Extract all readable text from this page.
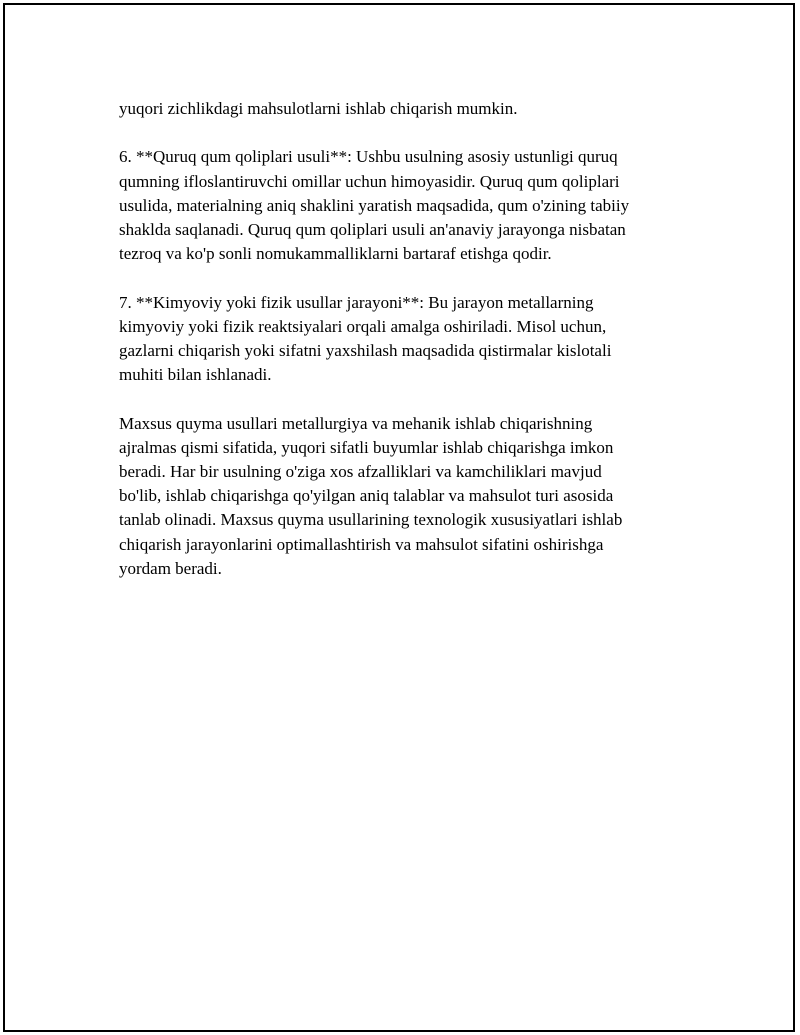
yuqori zichlikdagi mahsulotlarni ishlab chiqarish mumkin.

6. **Quruq qum qoliplari usuli**: Ushbu usulning asosiy ustunligi quruq
qumning ifloslantiruvchi omillar uchun himoyasidir. Quruq qum qoliplari
usulida, materialning aniq shaklini yaratish maqsadida, qum o'zining tabiiy
shaklda saqlanadi. Quruq qum qoliplari usuli an'anaviy jarayonga nisbatan
tezroq va ko'p sonli nomukammalliklarni bartaraf etishga qodir.

7. **Kimyoviy yoki fizik usullar jarayoni**: Bu jarayon metallarning
kimyoviy yoki fizik reaktsiyalari orqali amalga oshiriladi. Misol uchun,
gazlarni chiqarish yoki sifatni yaxshilash maqsadida qistirmalar kislotali
muhiti bilan ishlanadi.

Maxsus quyma usullari metallurgiya va mehanik ishlab chiqarishning
ajralmas qismi sifatida, yuqori sifatli buyumlar ishlab chiqarishga imkon
beradi. Har bir usulning o'ziga xos afzalliklari va kamchiliklari mavjud
bo'lib, ishlab chiqarishga qo'yilgan aniq talablar va mahsulot turi asosida
tanlab olinadi. Maxsus quyma usullarining texnologik xususiyatlari ishlab
chiqarish jarayonlarini optimallashtirish va mahsulot sifatini oshirishga
yordam beradi.
